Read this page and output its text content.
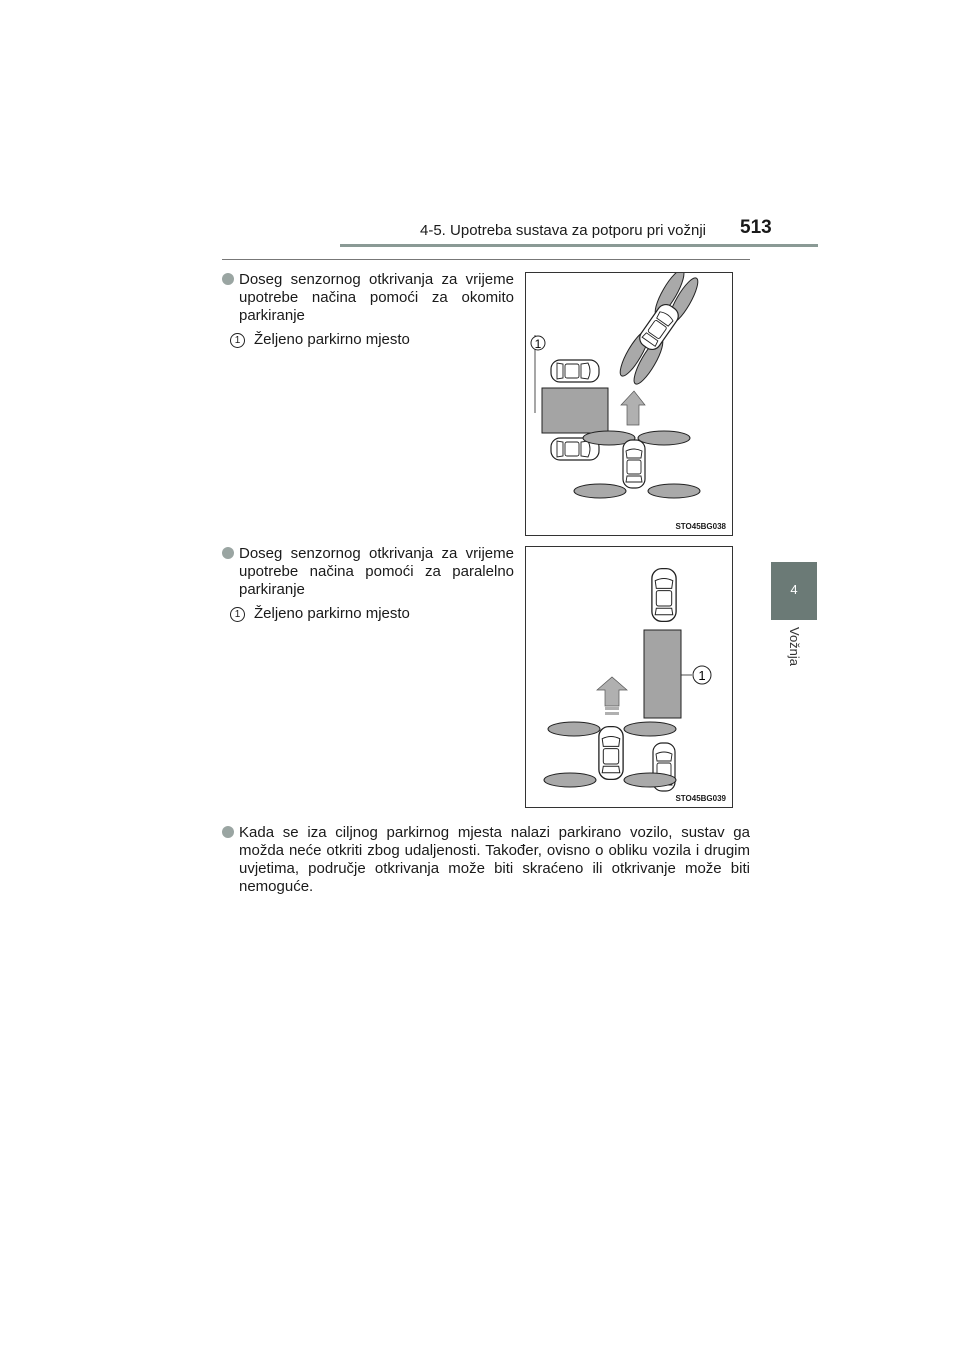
4-5. Upotreba sustava za potporu pri vožnji 513
4
Vožnja
Doseg senzornog otkrivanja za vrijeme upotrebe načina pomoći za okomito parkiranje
1 Željeno parkirno mjesto	1
STO45BG038
Doseg senzornog otkrivanja za vrijeme upotrebe načina pomoći za paralelno parkiranje
1 Željeno parkirno mjesto
1
STO45BG039
Kada se iza ciljnog parkirnog mjesta nalazi parkirano vozilo, sustav ga možda neće otkriti zbog udaljenosti. Također, ovisno o obliku vozila i drugim uvjetima, područje otkrivanja može biti skraćeno ili otkrivanje može biti nemoguće.
